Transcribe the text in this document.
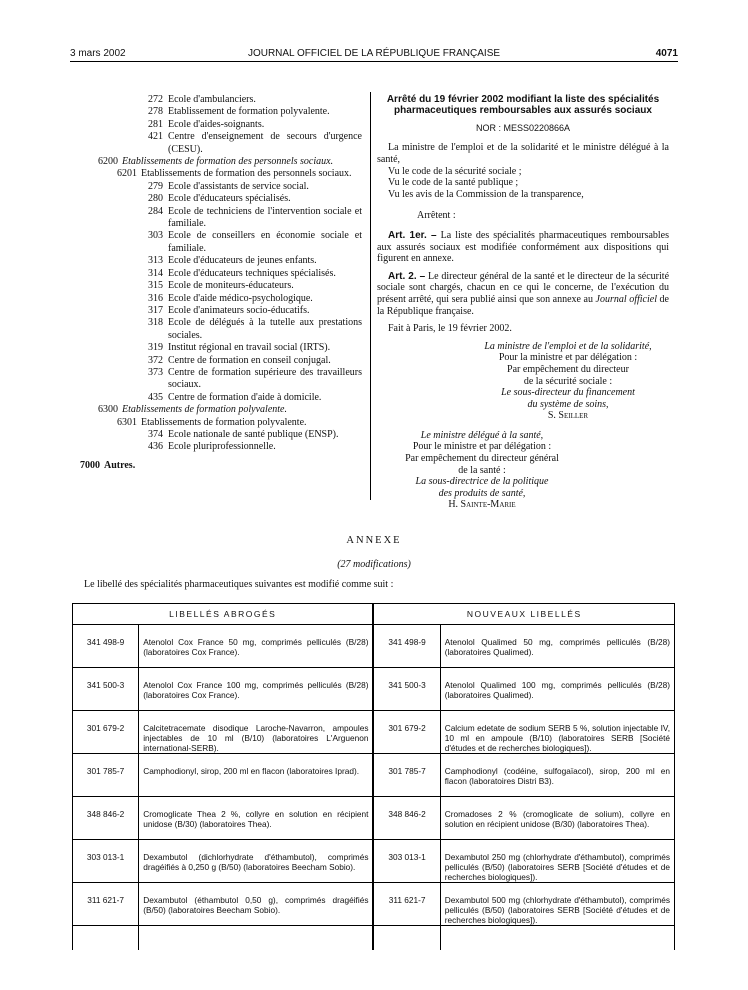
3 mars 2002	JOURNAL OFFICIEL DE LA RÉPUBLIQUE FRANÇAISE	4071
272 Ecole d'ambulanciers.
278 Etablissement de formation polyvalente.
281 Ecole d'aides-soignants.
421 Centre d'enseignement de secours d'urgence (CESU).
6200 Etablissements de formation des personnels sociaux.
6201 Etablissements de formation des personnels sociaux.
279 Ecole d'assistants de service social.
280 Ecole d'éducateurs spécialisés.
284 Ecole de techniciens de l'intervention sociale et familiale.
303 Ecole de conseillers en économie sociale et familiale.
313 Ecole d'éducateurs de jeunes enfants.
314 Ecole d'éducateurs techniques spécialisés.
315 Ecole de moniteurs-éducateurs.
316 Ecole d'aide médico-psychologique.
317 Ecole d'animateurs socio-éducatifs.
318 Ecole de délégués à la tutelle aux prestations sociales.
319 Institut régional en travail social (IRTS).
372 Centre de formation en conseil conjugal.
373 Centre de formation supérieure des travailleurs sociaux.
435 Centre de formation d'aide à domicile.
6300 Etablissements de formation polyvalente.
6301 Etablissements de formation polyvalente.
374 Ecole nationale de santé publique (ENSP).
436 Ecole pluriprofessionnelle.
7000 Autres.
Arrêté du 19 février 2002 modifiant la liste des spécialités pharmaceutiques remboursables aux assurés sociaux
NOR : MESS0220866A

La ministre de l'emploi et de la solidarité et le ministre délégué à la santé,

Vu le code de la sécurité sociale ;

Vu le code de la santé publique ;

Vu les avis de la Commission de la transparence,

Arrêtent :

Art. 1er. – La liste des spécialités pharmaceutiques remboursables aux assurés sociaux est modifiée conformément aux dispositions qui figurent en annexe.

Art. 2. – Le directeur général de la santé et le directeur de la sécurité sociale sont chargés, chacun en ce qui le concerne, de l'exécution du présent arrêté, qui sera publié ainsi que son annexe au Journal officiel de la République française.

Fait à Paris, le 19 février 2002.

La ministre de l'emploi et de la solidarité,
Pour la ministre et par délégation :
Par empêchement du directeur
de la sécurité sociale :
Le sous-directeur du financement
du système de soins,
S. Seiller
Le ministre délégué à la santé,
Pour le ministre et par délégation :
Par empêchement du directeur général
de la santé :
La sous-directrice de la politique
des produits de santé,
H. Sainte-Marie
ANNEXE
(27 modifications)
Le libellé des spécialités pharmaceutiques suivantes est modifié comme suit :
LIBELLÉS ABROGÉS		NOUVEAUX LIBELLÉS	
341 498-9	Atenolol Cox France 50 mg, comprimés pelliculés (B/28) (laboratoires Cox France).	341 498-9	Atenolol Qualimed 50 mg, comprimés pelliculés (B/28) (laboratoires Qualimed).
341 500-3	Atenolol Cox France 100 mg, comprimés pelliculés (B/28) (laboratoires Cox France).	341 500-3	Atenolol Qualimed 100 mg, comprimés pelliculés (B/28) (laboratoires Qualimed).
301 679-2	Calcitetracemate disodique Laroche-Navarron, ampoules injectables de 10 ml (B/10) (laboratoires L'Arguenon international-SERB).	301 679-2	Calcium edetate de sodium SERB 5 %, solution injectable IV, 10 ml en ampoule (B/10) (laboratoires SERB [Société d'études et de recherches biologiques]).
301 785-7	Camphodionyl, sirop, 200 ml en flacon (laboratoires Iprad).	301 785-7	Camphodionyl (codéine, sulfogaïacol), sirop, 200 ml en flacon (laboratoires Distri B3).
348 846-2	Cromoglicate Thea 2 %, collyre en solution en récipient unidose (B/30) (laboratoires Thea).	348 846-2	Cromadoses 2 % (cromoglicate de solium), collyre en solution en récipient unidose (B/30) (laboratoires Thea).
303 013-1	Dexambutol (dichlorhydrate d'éthambutol), comprimés dragéifiés à 0,250 g (B/50) (laboratoires Beecham Sobio).	303 013-1	Dexambutol 250 mg (chlorhydrate d'éthambutol), comprimés pelliculés (B/50) (laboratoires SERB [Société d'études et de recherches biologiques]).
311 621-7	Dexambutol (éthambutol 0,50 g), comprimés dragéifiés (B/50) (laboratoires Beecham Sobio).	311 621-7	Dexambutol 500 mg (chlorhydrate d'éthambutol), comprimés pelliculés (B/50) (laboratoires SERB [Société d'études et de recherches biologiques]).
